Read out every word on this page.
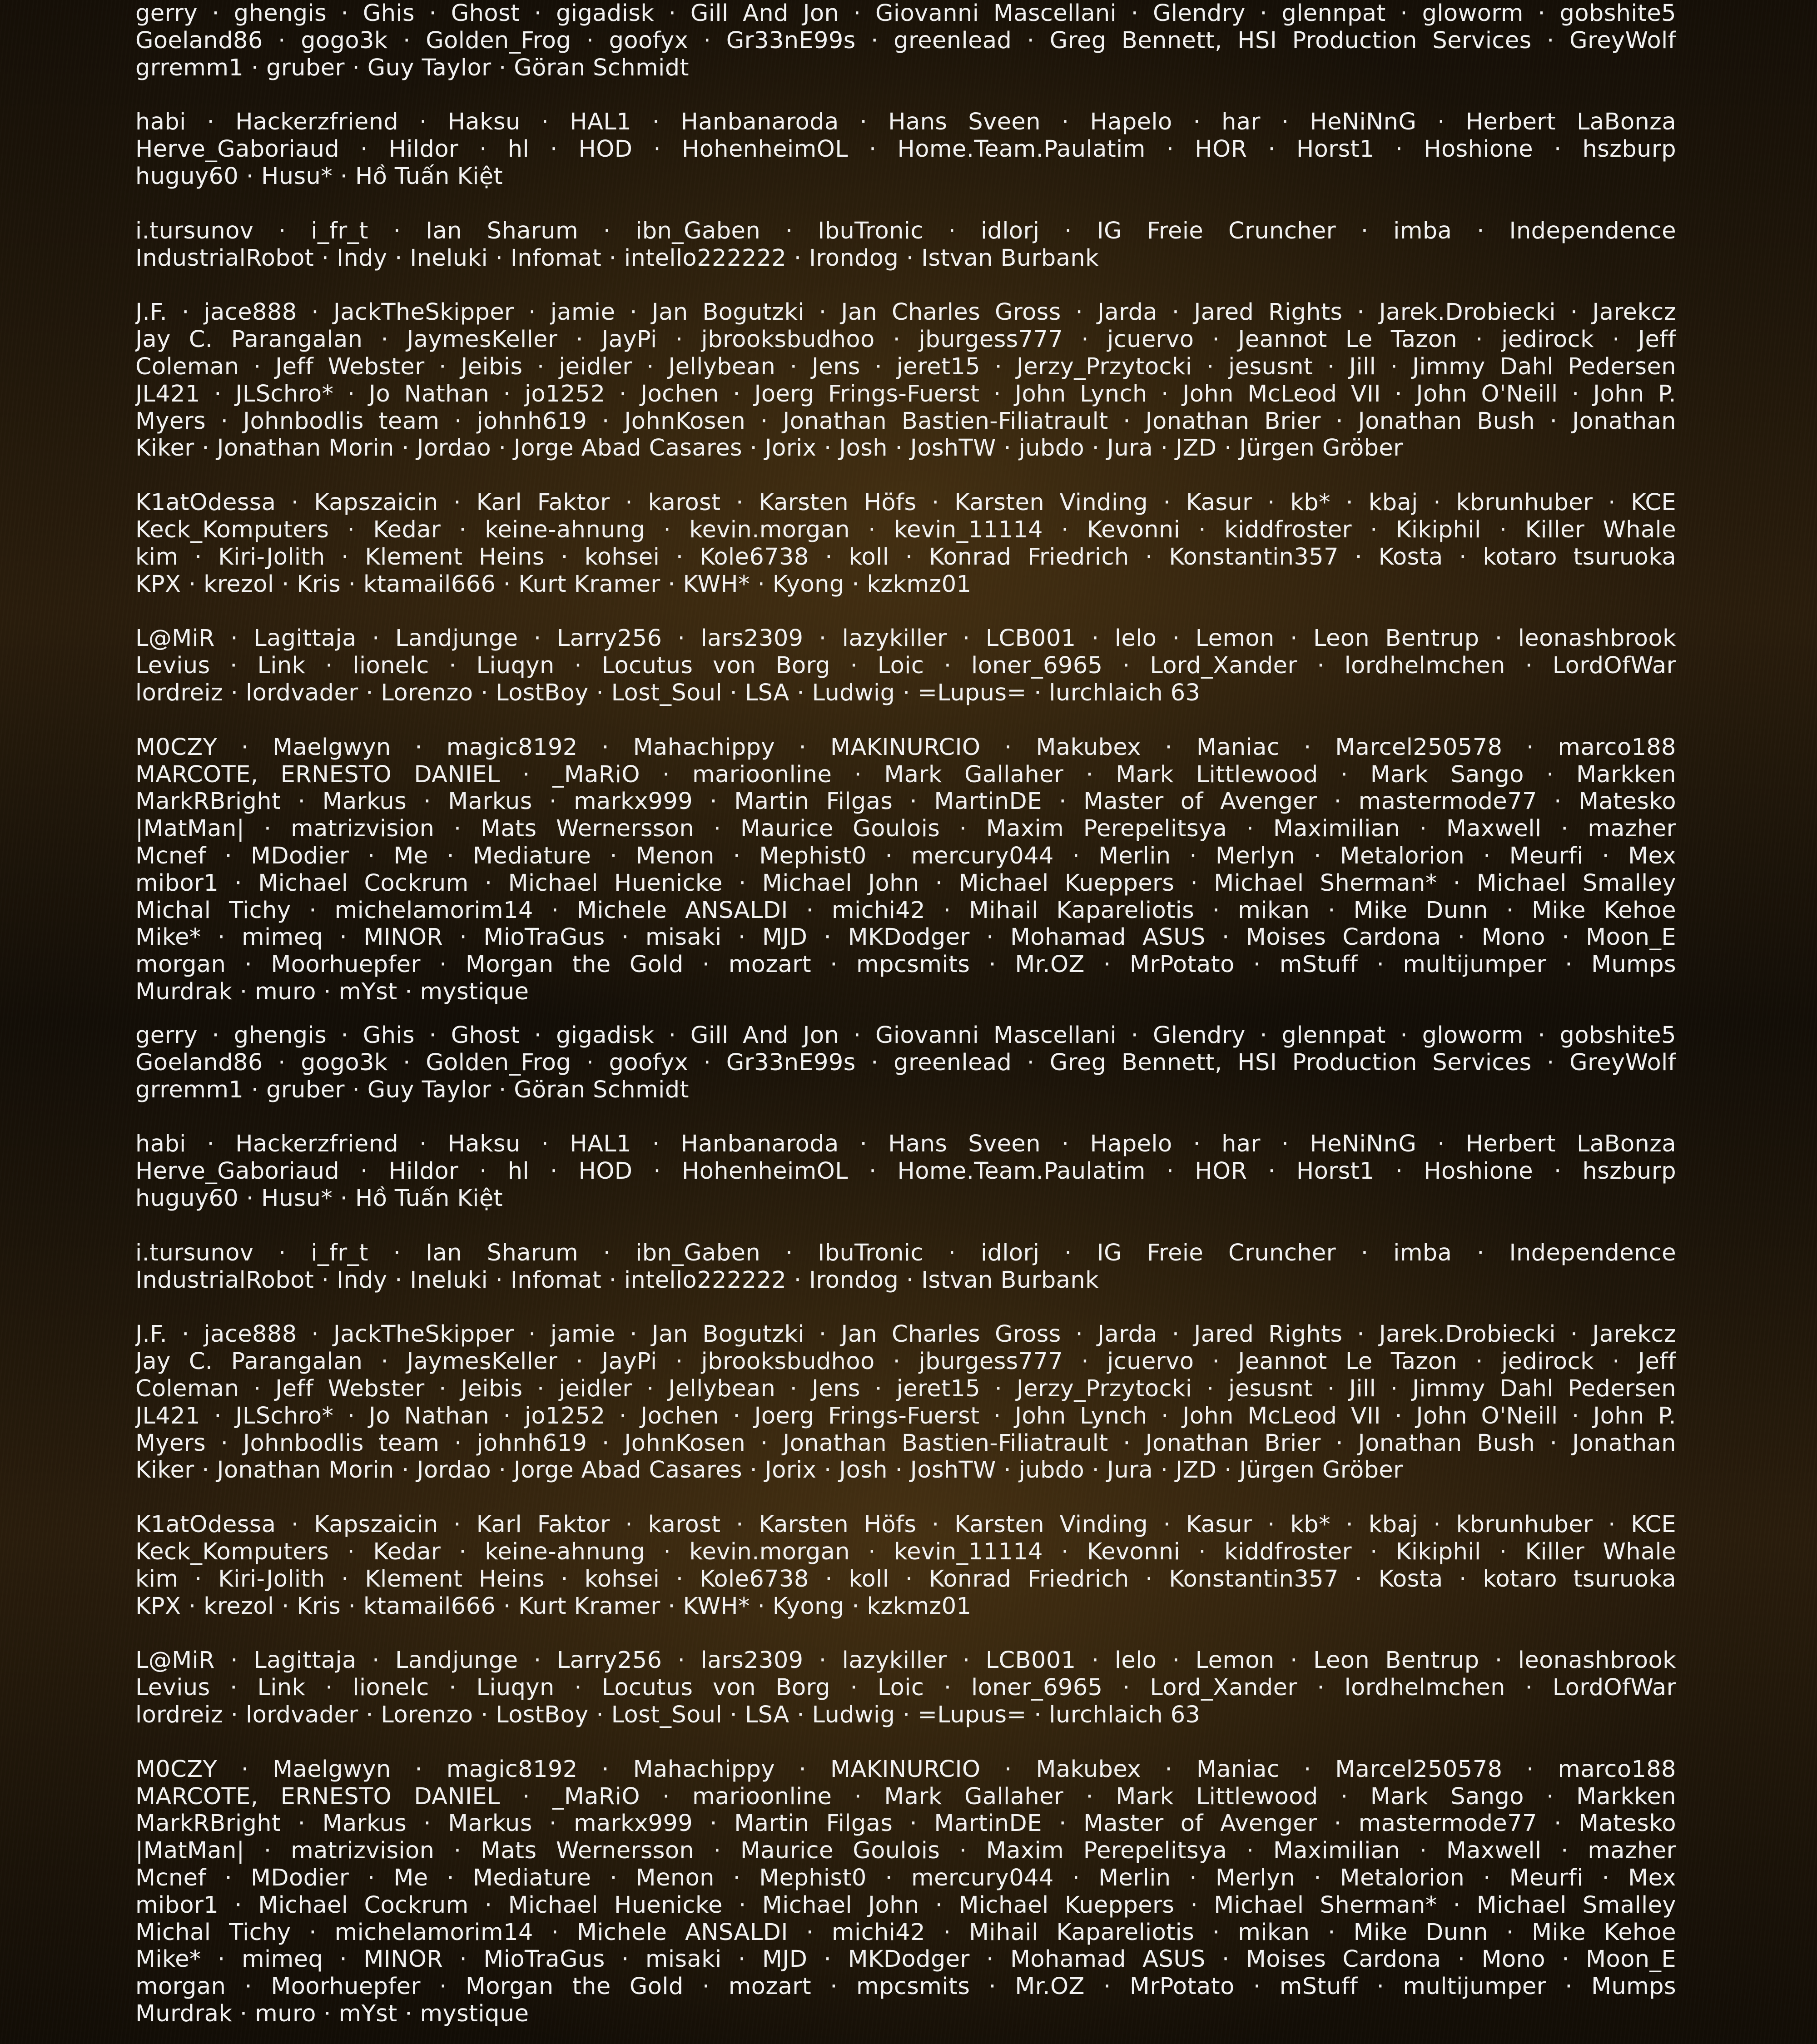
gerry · ghengis · Ghis · Ghost · gigadisk · Gill And Jon · Giovanni Mascellani · Glendry · glennpat · gloworm · gobshite5
Goeland86 · gogo3k · Golden_Frog · goofyx · Gr33nE99s · greenlead · Greg Bennett, HSI Production Services · GreyWolf
grremm1 · gruber · Guy Taylor · Göran Schmidt
habi · Hackerzfriend · Haksu · HAL1 · Hanbanaroda · Hans Sveen · Hapelo · har · HeNiNnG · Herbert LaBonza
Herve_Gaboriaud · Hildor · hl · HOD · HohenheimOL · Home.Team.Paulatim · HOR · Horst1 · Hoshione · hszburp
huguy60 · Husu* · Hồ Tuấn Kiệt
i.tursunov · i_fr_t · Ian Sharum · ibn_Gaben · IbuTronic · idlorj · IG Freie Cruncher · imba · Independence
IndustrialRobot · Indy · Ineluki · Infomat · intello222222 · Irondog · Istvan Burbank
J.F. · jace888 · JackTheSkipper · jamie · Jan Bogutzki · Jan Charles Gross · Jarda · Jared Rights · Jarek.Drobiecki · Jarekcz
Jay C. Parangalan · JaymesKeller · JayPi · jbrooksbudhoo · jburgess777 · jcuervo · Jeannot Le Tazon · jedirock · Jeff
Coleman · Jeff Webster · Jeibis · jeidler · Jellybean · Jens · jeret15 · Jerzy_Przytocki · jesusnt · Jill · Jimmy Dahl Pedersen
JL421 · JLSchro* · Jo Nathan · jo1252 · Jochen · Joerg Frings-Fuerst · John Lynch · John McLeod VII · John O'Neill · John P.
Myers · Johnbodlis team · johnh619 · JohnKosen · Jonathan Bastien-Filiatrault · Jonathan Brier · Jonathan Bush · Jonathan
Kiker · Jonathan Morin · Jordao · Jorge Abad Casares · Jorix · Josh · JoshTW · jubdo · Jura · JZD · Jürgen Gröber
K1atOdessa · Kapszaicin · Karl Faktor · karost · Karsten Höfs · Karsten Vinding · Kasur · kb* · kbaj · kbrunhuber · KCE
Keck_Komputers · Kedar · keine-ahnung · kevin.morgan · kevin_11114 · Kevonni · kiddfroster · Kikiphil · Killer Whale
kim · Kiri-Jolith · Klement Heins · kohsei · Kole6738 · koll · Konrad Friedrich · Konstantin357 · Kosta · kotaro tsuruoka
KPX · krezol · Kris · ktamail666 · Kurt Kramer · KWH* · Kyong · kzkmz01
L@MiR · Lagittaja · Landjunge · Larry256 · lars2309 · lazykiller · LCB001 · lelo · Lemon · Leon Bentrup · leonashbrook
Levius · Link · lionelc · Liuqyn · Locutus von Borg · Loic · loner_6965 · Lord_Xander · lordhelmchen · LordOfWar
lordreiz · lordvader · Lorenzo · LostBoy · Lost_Soul · LSA · Ludwig · =Lupus= · lurchlaich 63
M0CZY · Maelgwyn · magic8192 · Mahachippy · MAKINURCIO · Makubex · Maniac · Marcel250578 · marco188
MARCOTE, ERNESTO DANIEL · _MaRiO · marioonline · Mark Gallaher · Mark Littlewood · Mark Sango · Markken
MarkRBright · Markus · Markus · markx999 · Martin Filgas · MartinDE · Master of Avenger · mastermode77 · Matesko
|MatMan| · matrizvision · Mats Wernersson · Maurice Goulois · Maxim Perepelitsya · Maximilian · Maxwell · mazher
Mcnef · MDodier · Me · Mediature · Menon · Mephist0 · mercury044 · Merlin · Merlyn · Metalorion · Meurfi · Mex
mibor1 · Michael Cockrum · Michael Huenicke · Michael John · Michael Kueppers · Michael Sherman* · Michael Smalley
Michal Tichy · michelamorim14 · Michele ANSALDI · michi42 · Mihail Kapareliotis · mikan · Mike Dunn · Mike Kehoe
Mike* · mimeq · MINOR · MioTraGus · misaki · MJD · MKDodger · Mohamad ASUS · Moises Cardona · Mono · Moon_E
morgan · Moorhuepfer · Morgan the Gold · mozart · mpcsmits · Mr.OZ · MrPotato · mStuff · multijumper · Mumps
Murdrak · muro · mYst · mystique
gerry · ghengis · Ghis · Ghost · gigadisk · Gill And Jon · Giovanni Mascellani · Glendry · glennpat · gloworm · gobshite5
Goeland86 · gogo3k · Golden_Frog · goofyx · Gr33nE99s · greenlead · Greg Bennett, HSI Production Services · GreyWolf
grremm1 · gruber · Guy Taylor · Göran Schmidt
habi · Hackerzfriend · Haksu · HAL1 · Hanbanaroda · Hans Sveen · Hapelo · har · HeNiNnG · Herbert LaBonza
Herve_Gaboriaud · Hildor · hl · HOD · HohenheimOL · Home.Team.Paulatim · HOR · Horst1 · Hoshione · hszburp
huguy60 · Husu* · Hồ Tuấn Kiệt
i.tursunov · i_fr_t · Ian Sharum · ibn_Gaben · IbuTronic · idlorj · IG Freie Cruncher · imba · Independence
IndustrialRobot · Indy · Ineluki · Infomat · intello222222 · Irondog · Istvan Burbank
J.F. · jace888 · JackTheSkipper · jamie · Jan Bogutzki · Jan Charles Gross · Jarda · Jared Rights · Jarek.Drobiecki · Jarekcz
Jay C. Parangalan · JaymesKeller · JayPi · jbrooksbudhoo · jburgess777 · jcuervo · Jeannot Le Tazon · jedirock · Jeff
Coleman · Jeff Webster · Jeibis · jeidler · Jellybean · Jens · jeret15 · Jerzy_Przytocki · jesusnt · Jill · Jimmy Dahl Pedersen
JL421 · JLSchro* · Jo Nathan · jo1252 · Jochen · Joerg Frings-Fuerst · John Lynch · John McLeod VII · John O'Neill · John P.
Myers · Johnbodlis team · johnh619 · JohnKosen · Jonathan Bastien-Filiatrault · Jonathan Brier · Jonathan Bush · Jonathan
Kiker · Jonathan Morin · Jordao · Jorge Abad Casares · Jorix · Josh · JoshTW · jubdo · Jura · JZD · Jürgen Gröber
K1atOdessa · Kapszaicin · Karl Faktor · karost · Karsten Höfs · Karsten Vinding · Kasur · kb* · kbaj · kbrunhuber · KCE
Keck_Komputers · Kedar · keine-ahnung · kevin.morgan · kevin_11114 · Kevonni · kiddfroster · Kikiphil · Killer Whale
kim · Kiri-Jolith · Klement Heins · kohsei · Kole6738 · koll · Konrad Friedrich · Konstantin357 · Kosta · kotaro tsuruoka
KPX · krezol · Kris · ktamail666 · Kurt Kramer · KWH* · Kyong · kzkmz01
L@MiR · Lagittaja · Landjunge · Larry256 · lars2309 · lazykiller · LCB001 · lelo · Lemon · Leon Bentrup · leonashbrook
Levius · Link · lionelc · Liuqyn · Locutus von Borg · Loic · loner_6965 · Lord_Xander · lordhelmchen · LordOfWar
lordreiz · lordvader · Lorenzo · LostBoy · Lost_Soul · LSA · Ludwig · =Lupus= · lurchlaich 63
M0CZY · Maelgwyn · magic8192 · Mahachippy · MAKINURCIO · Makubex · Maniac · Marcel250578 · marco188
MARCOTE, ERNESTO DANIEL · _MaRiO · marioonline · Mark Gallaher · Mark Littlewood · Mark Sango · Markken
MarkRBright · Markus · Markus · markx999 · Martin Filgas · MartinDE · Master of Avenger · mastermode77 · Matesko
|MatMan| · matrizvision · Mats Wernersson · Maurice Goulois · Maxim Perepelitsya · Maximilian · Maxwell · mazher
Mcnef · MDodier · Me · Mediature · Menon · Mephist0 · mercury044 · Merlin · Merlyn · Metalorion · Meurfi · Mex
mibor1 · Michael Cockrum · Michael Huenicke · Michael John · Michael Kueppers · Michael Sherman* · Michael Smalley
Michal Tichy · michelamorim14 · Michele ANSALDI · michi42 · Mihail Kapareliotis · mikan · Mike Dunn · Mike Kehoe
Mike* · mimeq · MINOR · MioTraGus · misaki · MJD · MKDodger · Mohamad ASUS · Moises Cardona · Mono · Moon_E
morgan · Moorhuepfer · Morgan the Gold · mozart · mpcsmits · Mr.OZ · MrPotato · mStuff · multijumper · Mumps
Murdrak · muro · mYst · mystique
